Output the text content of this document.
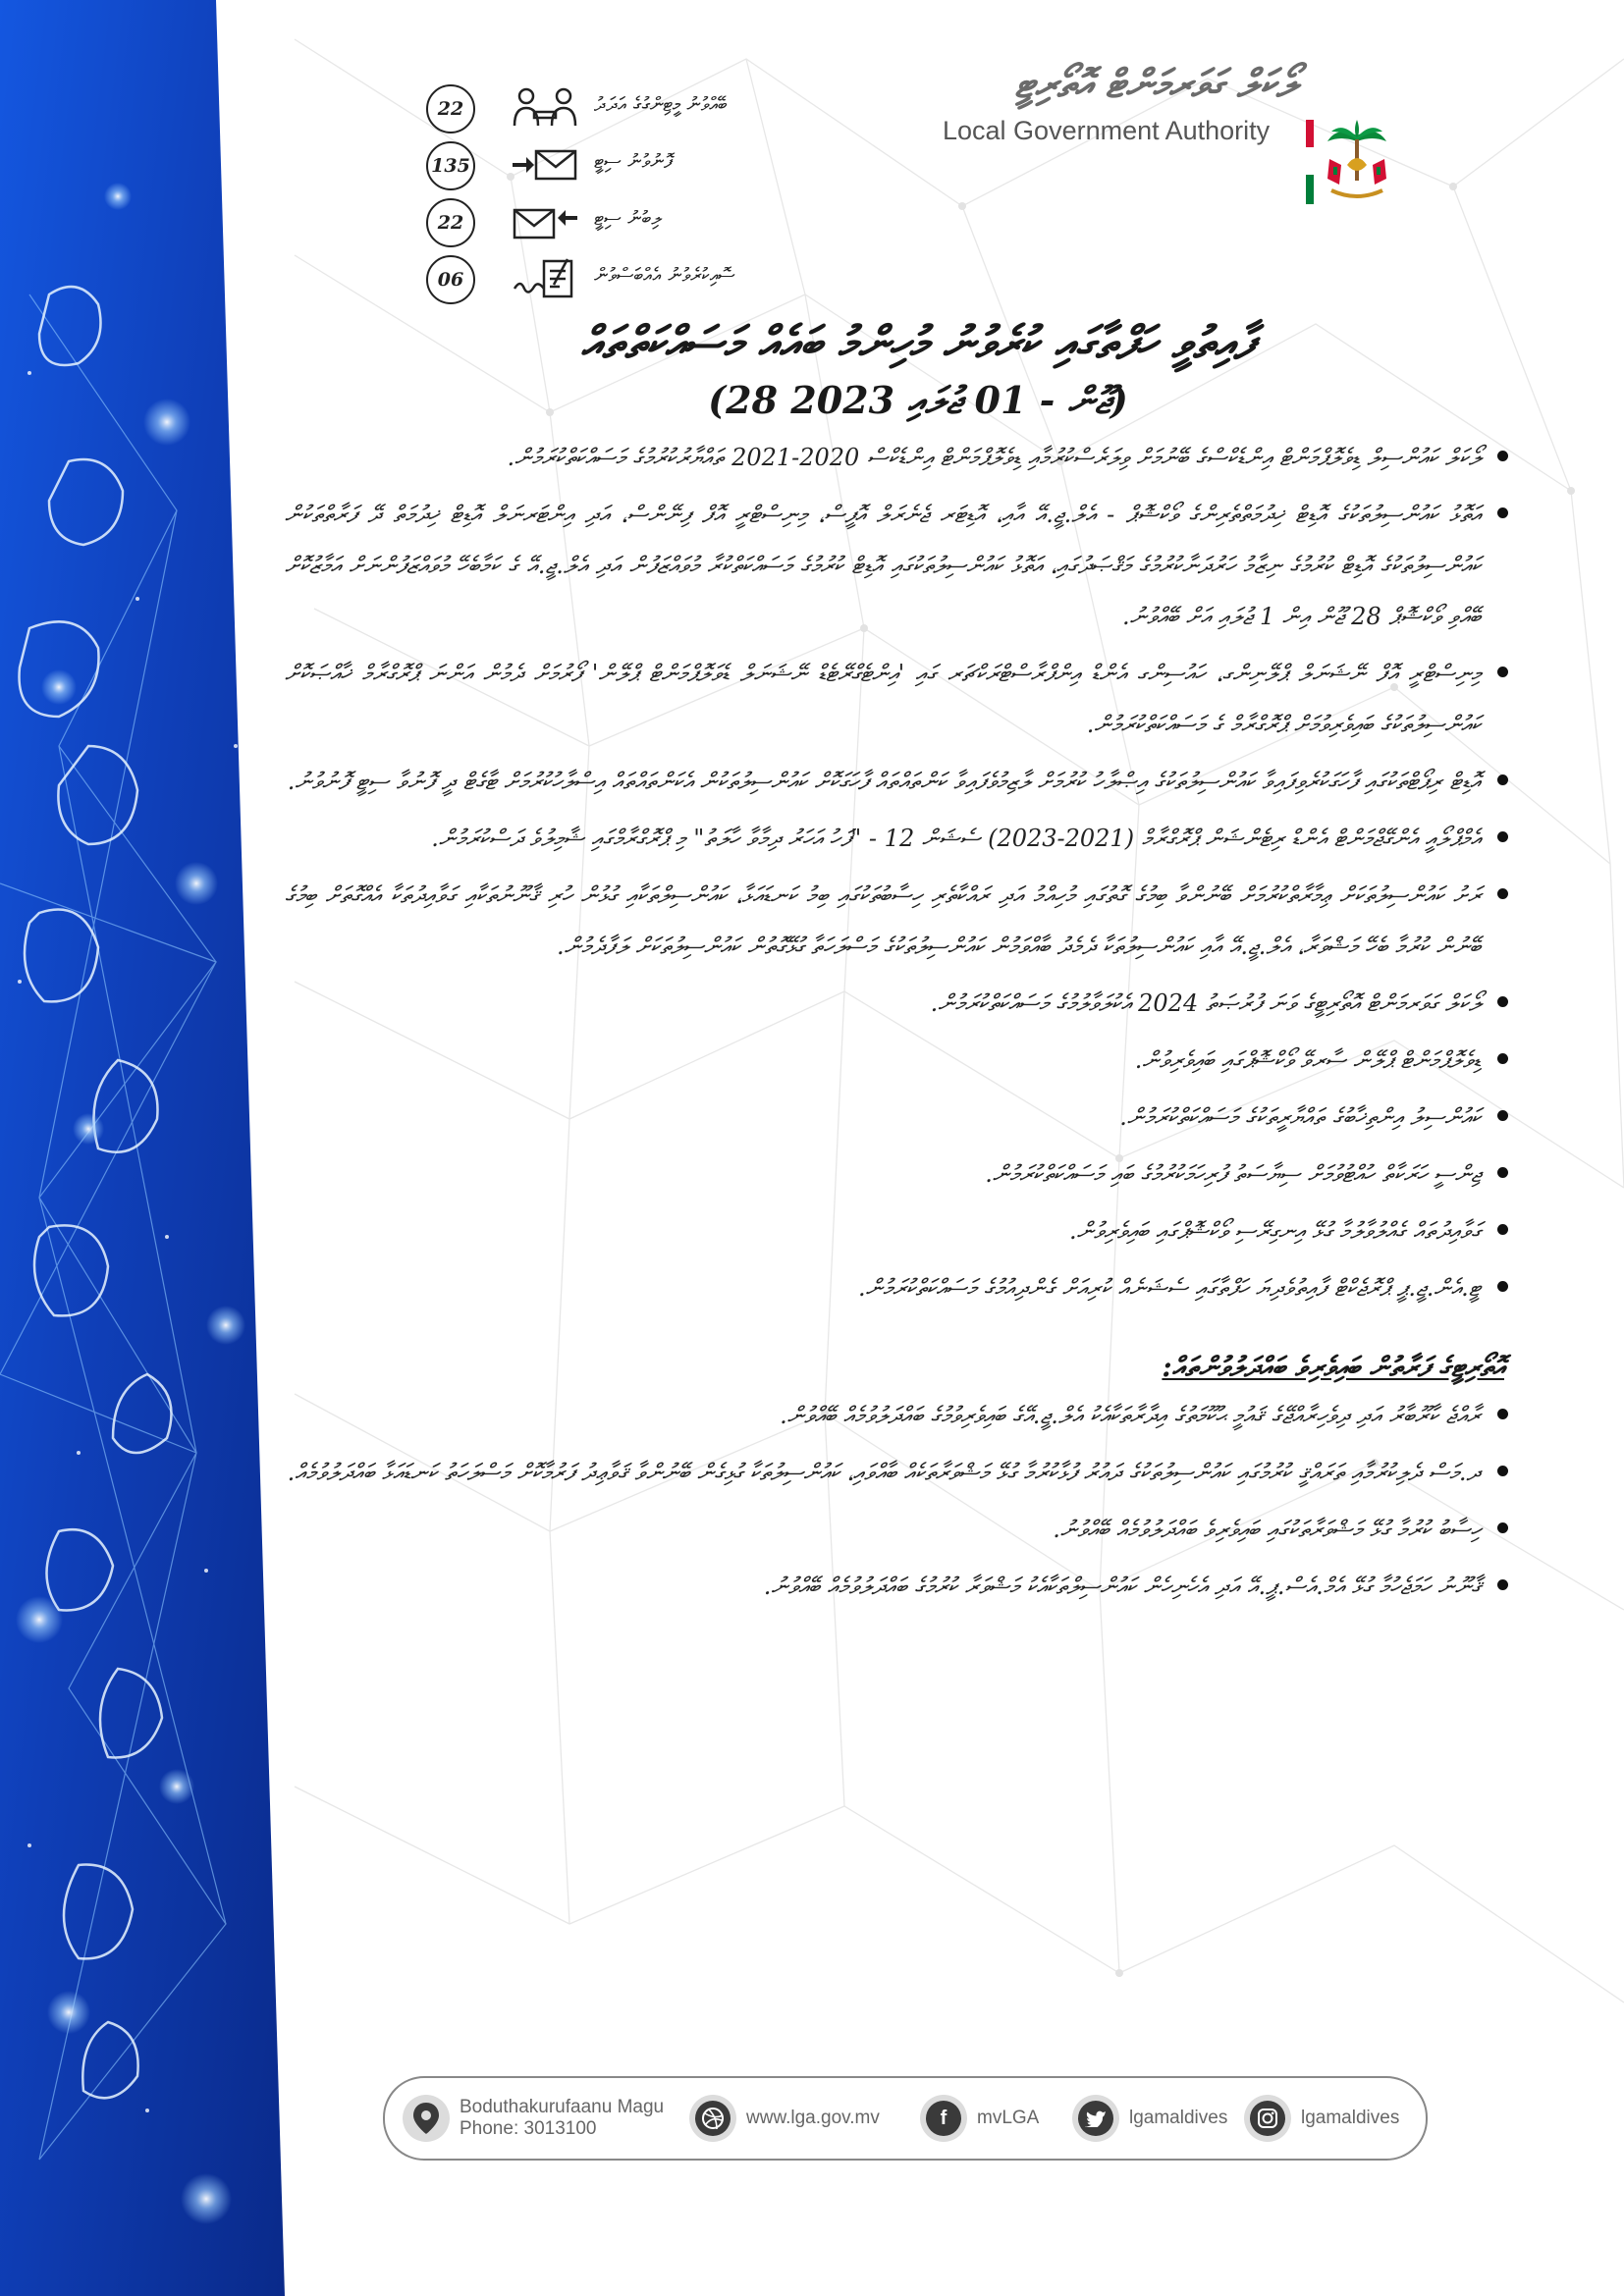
22	ބޭއްވުނު މީޓިންގުގެ އަދަދު
135	ފޮނުވުނު ސިޓީ
22	ލިބުނު ސިޓީ
06	ސޮއިކުރެވުނު އެއްބަސްވުން
ލޯކަލް ގަވަރމަންޓް އޮތޯރިޓީ
Local Government Authority
ފާއިތުވީ ހަފްތާގައި ކުރެވުނު މުހިންމު ބައެއް މަސައްކަތްތައް
(28 ޖޫން - 01 ޖުލައި 2023)
ލޯކަލް ކައުންސިލް ޑިވެލޮޕްމަންޓް އިންޑެކްސްގެ ބޭނުމަށް ވިލަރެސްކުރުމާއި ޑިވެލޮޕްމަންޓް އިންޑެކްސް 2020-2021 ތައްޔާރުކުރުމުގެ މަސައްކަތްކުރަމުން.
އަތޮޅު ކައުންސިލުތަކުގެ އޮޑިޓް ޚިދުމަތްތެރިންގެ ވޯކްޝޮޕް - އެލް.ޖީ.އޭ އާއި، އޮޑިޓަރ ޖެނެރަލް އޮފީސް، މިނިސްޓްރީ އޮފް ފިނޭންސް، އަދި އިންޓަރނަލް އޮޑިޓް ޚިދުމަތް ދޭ ފަރާތްތަކުން ކައުންސިލުތަކުގެ އޮޑިޓް ކުރުމުގެ ނިޒާމު ހަރުދަނާކުރުމުގެ މަޤްޞަދުގައި، އަތޮޅު ކައުންސިލުތަކުގައި އޮޑިޓް ކުރުމުގެ މަސައްކަތްކުރާ މުވައްޒަފުން އަދި އެލް.ޖީ.އޭ ގެ ކަމާބެހޭ މުވައްޒަފުންނަށް އަމާޒުކޮށް ބޭއްވި ވޯކްޝޮޕް 28 ޖޫން އިން 1 ޖުލައި އަށް ބޭއްވުނު.
މިނިސްޓްރީ އޮފް ނޭޝަނަލް ޕްލޭނިންގ، ހައުސިންގ އެންޑް އިންފްރާސްޓްރަކްޗަރ ގައި 'އިންޓެގްރޭޓެޑް ނޭޝަނަލް ޑެވަލޮޕްމަންޓް ޕްލޭން' ފޯރުމަށް ދެމުން އަންނަ ޕްރޮގްރާމް ޚާއްޞަކޮށް ކައުންސިލުތަކުގެ ބައިވެރިވުމަށް ޕްރޮގްރާމް ގެ މަސައްކަތްކުރަމުން.
އޮޑިޓް ރިޕޯޓްތަކުގައި ފާހަގަކުރެވިފައިވާ ކައުންސިލުތަކުގެ އިޞްލާހު ކުރުމަށް ލާޒިމުވެފައިވާ ކަންތައްތައް ފާހަގަކޮށް ކައުންސިލުތަކުން އެކަންތައްތައް އިސްލާހުކުރުމަށް ޓާގެޓް ދީ ފޮނުވާ ސިޓީ ފޮނުވުނު.
އެމްޕްލޯއީ އެންގޭޖްމަންޓް އެންޑް ރިޓެންޝަން ޕްރޮގްރާމް (2021-2023) ސެޝަން 12 - "ފަހު އަހަރު ދިމާވާ ހާލަތު" މި ޕްރޮގްރާމްގައި ޝާމިލުވެ ދަސްކުރަމުން.
ރަށު ކައުންސިލުތަކަށް ޢިމާރާތްކުރުމަށް ބޭނުންވާ ބިމުގެ ގޮތުގައި މުހިއްމު އަދި ރައްކާތެރި ހިސާބުތަކުގައި ބިމު ކަނޑައަޅާ، ކައުންސިލްތަކާއި ގުޅުން ހުރި ޤާނޫނުތަކާއި ގަވާއިދުތަކާ އެއްގޮތަށް ބިމުގެ ބޭނުން ކުރުމާ ބެހޭ މަޝްވަރާ، އެލް.ޖީ.އޭ އާއި ކައުންސިލުތަކާ ދެމެދު ބާއްވަމުން ކައުންސިލުތަކުގެ މަސްލަހަތާ ގުޅޭގޮތުން ކައުންސިލުތަކަށް ލަފާދެމުން.
ލޯކަލް ގަވަރމަންޓް އޮތޯރިޓީގެ ވަނަ ފުރުޞަތު 2024 އެކުލަވާލުމުގެ މަސައްކަތްކުރަމުން.
ޑިވެލޮޕްމަންޓް ޕްލޭން ސާރވޭ ވޯކްޝޮޕްގައި ބައިވެރިވުން.
ކައުންސިލު އިންތިޚާބުގެ ތައްޔާރީތަކުގެ މަސައްކަތްކުރަމުން.
ޖިންސީ ހަރަކާތް ހުއްޓުވުމަށް ސިޔާސަތު ފުރިހަމަކުރުމުގެ ބައި މަސައްކަތްކުރަމުން.
ގަވާއިދުތައް ގެއްލުވާލުމާ ގުޅޭ އިނގިރޭސި ވޯކްޝޮޕްގައި ބައިވެރިވުން.
ޓީ.އެން.ޖީ.ޕީ ޕްރޮޖެކްޓް ފާއިތުވެދިޔަ ހަފްތާގައި ސެޝަނެއް ކުރިއަށް ގެންދިއުމުގެ މަސައްކަތްކުރަމުން.
އޮތޯރިޓީގެ ފަރާތުން ބައިވެރިވެ ބައްދަލުވުންތައް:
ރާއްޖެ ކާރޫބާރު އަދި ދިވެހިރާއްޖޭގެ ޤައުމީ ޙުކޫމަތުގެ އިދާރާތަކާއެކު އެލް.ޖީ.އޭގެ ބައިވެރިވުމުގެ ބައްދަލުވުމެއް ބޭއްވުން.
ދ.މަސް ދެލިކުރުމާއި ތަރައްޤީ ކުރުމުގައި ކައުންސިލުތަކުގެ ދައުރު ފުޅާކުރުމާ ގުޅޭ މަޝްވަރާތަކެއް ބާއްވައި، ކައުންސިލުތަކާ ގުޅިގެން ބޭނުންވާ ޤަވާޢިދު ފަރުމާކޮށް މަސްލަހަތު ކަނޑައަޅާ ބައްދަލުވުމެއް.
ހިސާބު ކުރުމާ ގުޅޭ މަޝްވަރާތަކުގައި ބައިވެރިވެ ބައްދަލުވުމެއް ބޭއްވުނު.
ޤާނޫނު ހަމަޖެހުމާ ގުޅޭ އެމް.އެސް.ޕީ.އޭ އަދި އެހެނިހެން ކައުންސިލްތަކާއެކު މަޝްވަރާ ކުރުމުގެ ބައްދަލުވުމެއް ބޭއްވުނު.
Boduthakurufaanu Magu
Phone: 3013100
www.lga.gov.mv	f	mvLGA	lgamaldives	lgamaldives
